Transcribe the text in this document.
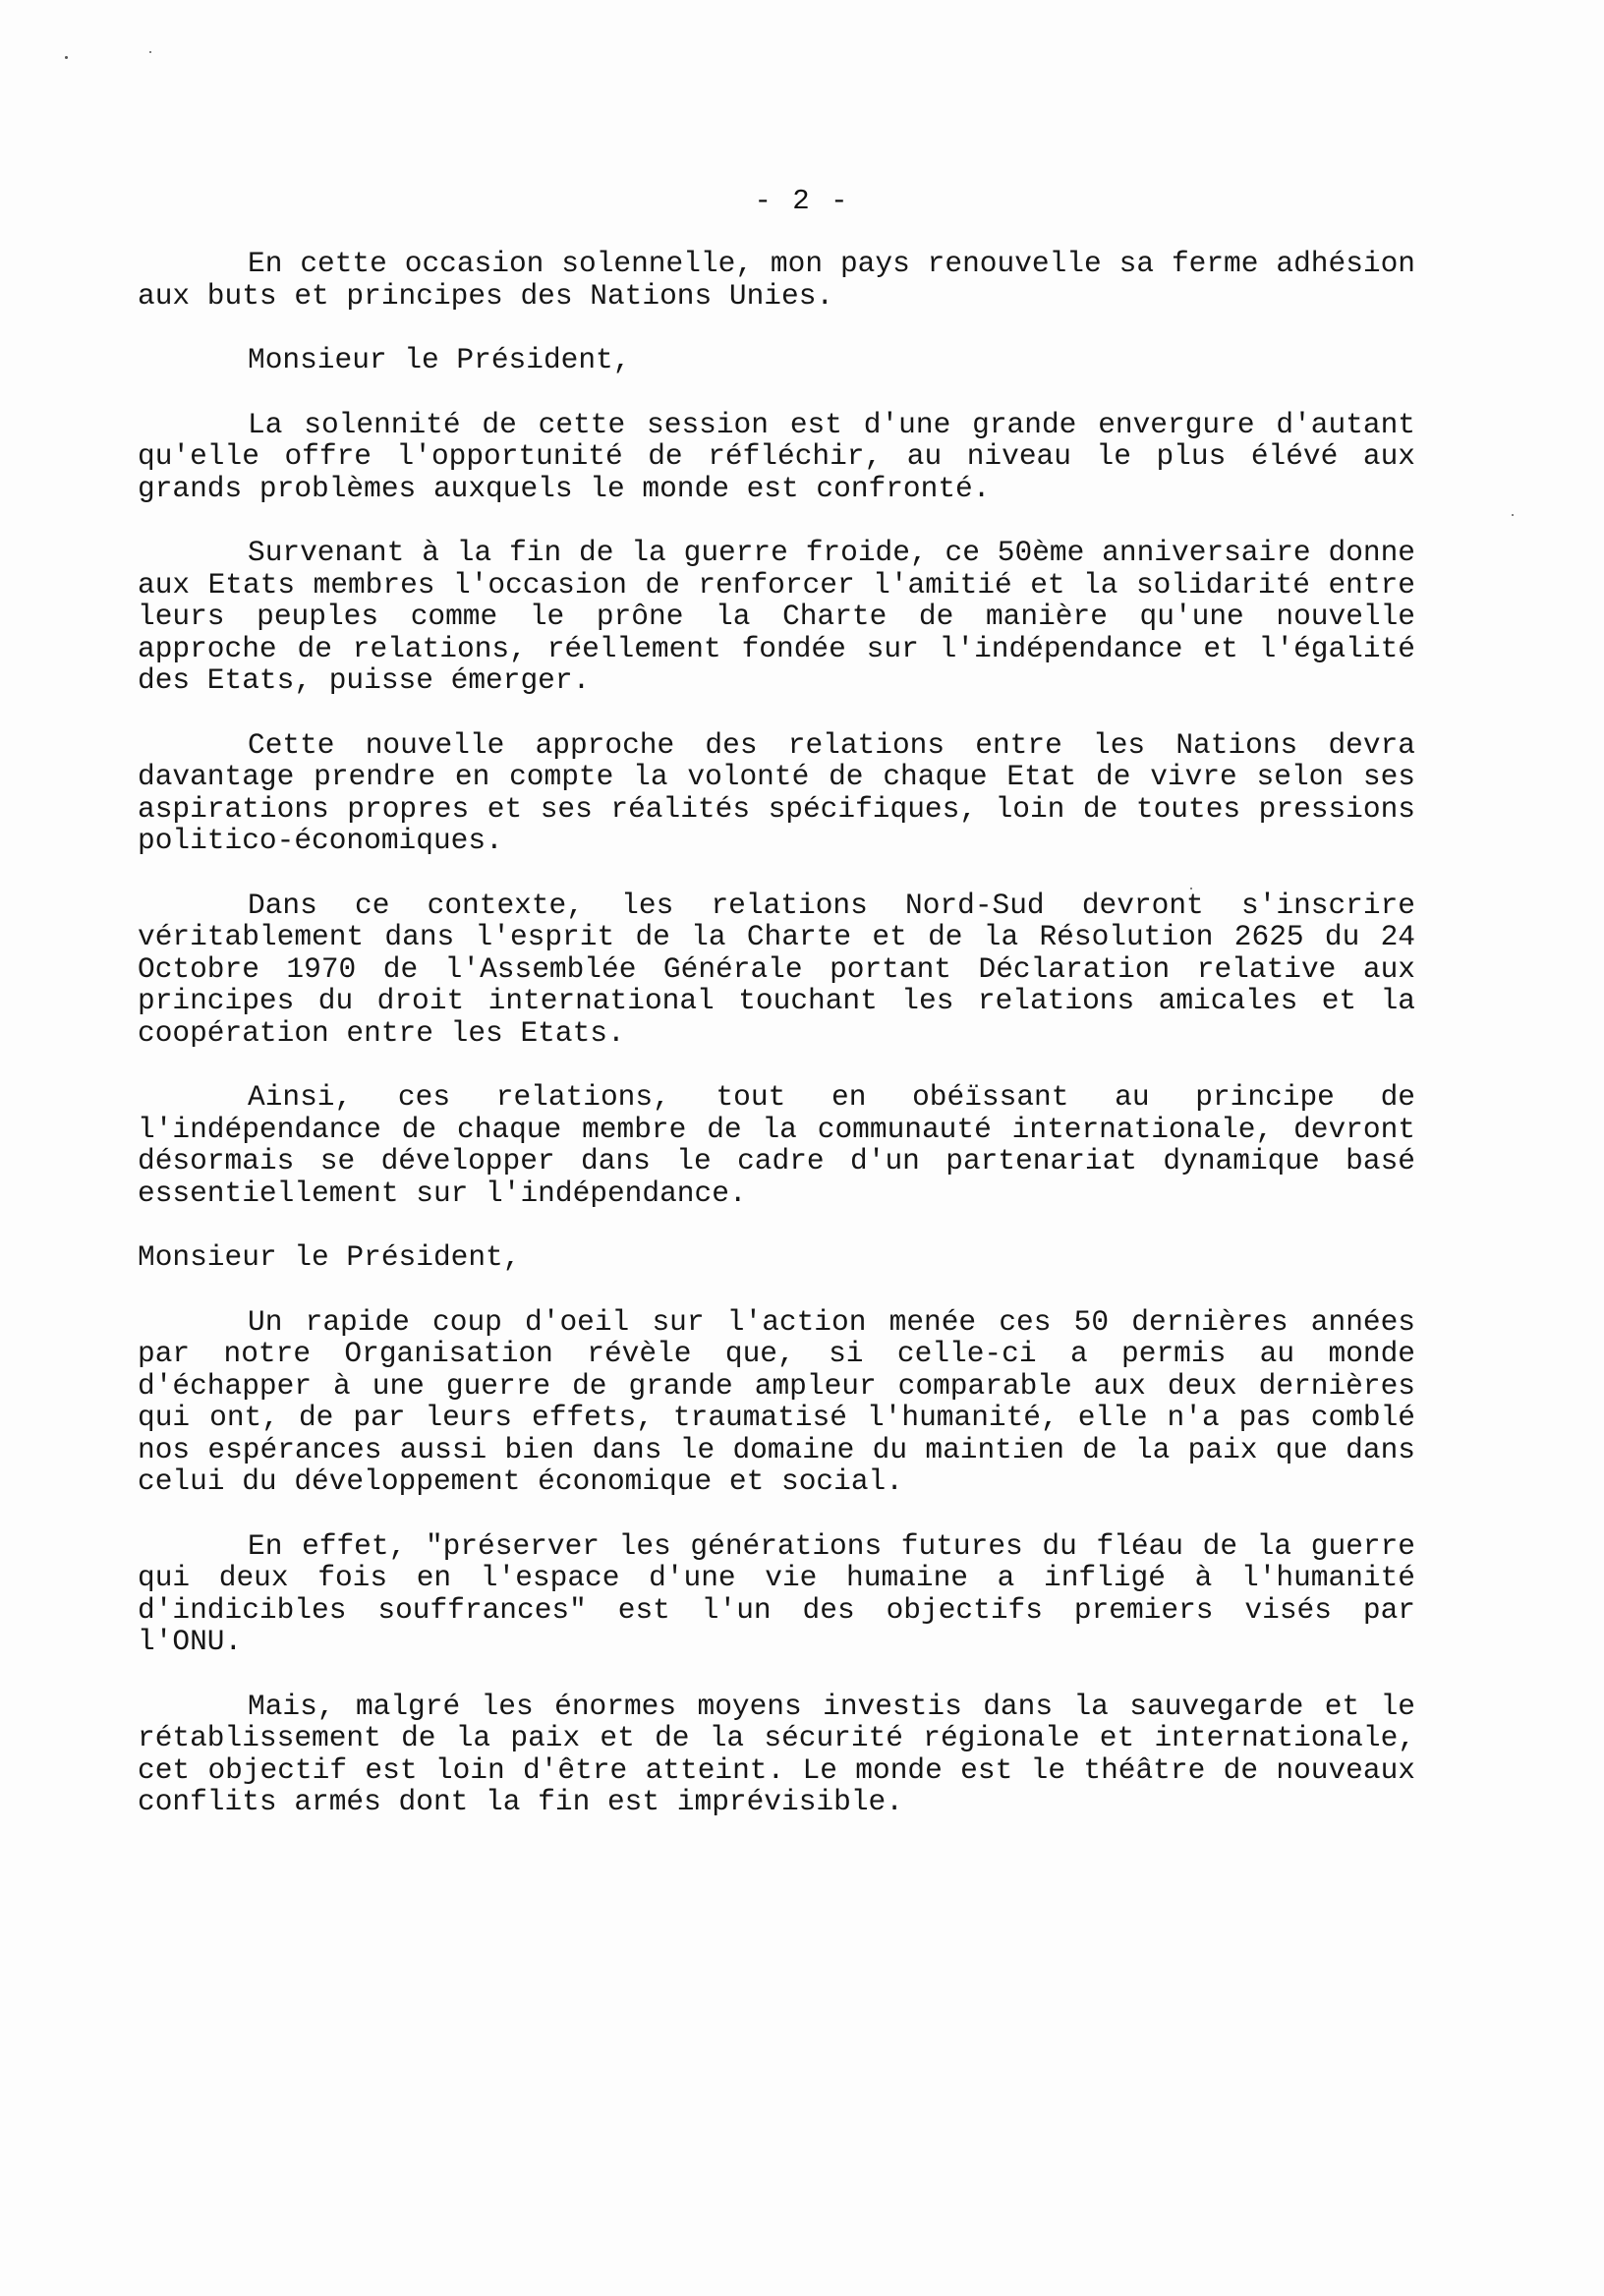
- 2 -

En cette occasion solennelle, mon pays renouvelle sa ferme adhésion aux buts et principes des Nations Unies.

Monsieur le Président,

La solennité de cette session est d'une grande envergure d'autant qu'elle offre l'opportunité de réfléchir, au niveau le plus élévé aux grands problèmes auxquels le monde est confronté.

Survenant à la fin de la guerre froide, ce 50ème anniversaire donne aux Etats membres l'occasion de renforcer l'amitié et la solidarité entre leurs peuples comme le prône la Charte de manière qu'une nouvelle approche de relations, réellement fondée sur l'indépendance et l'égalité des Etats, puisse émerger.

Cette nouvelle approche des relations entre les Nations devra davantage prendre en compte la volonté de chaque Etat de vivre selon ses aspirations propres et ses réalités spécifiques, loin de toutes pressions politico-économiques.

Dans ce contexte, les relations Nord-Sud devront s'inscrire véritablement dans l'esprit de la Charte et de la Résolution 2625 du 24 Octobre 1970 de l'Assemblée Générale portant Déclaration relative aux principes du droit international touchant les relations amicales et la coopération entre les Etats.

Ainsi, ces relations, tout en obéïssant au principe de l'indépendance de chaque membre de la communauté internationale, devront désormais se développer dans le cadre d'un partenariat dynamique basé essentiellement sur l'indépendance.

Monsieur le Président,

Un rapide coup d'oeil sur l'action menée ces 50 dernières années par notre Organisation révèle que, si celle-ci a permis au monde d'échapper à une guerre de grande ampleur comparable aux deux dernières qui ont, de par leurs effets, traumatisé l'humanité, elle n'a pas comblé nos espérances aussi bien dans le domaine du maintien de la paix que dans celui du développement économique et social.

En effet, "préserver les générations futures du fléau de la guerre qui deux fois en l'espace d'une vie humaine a infligé à l'humanité d'indicibles souffrances" est l'un des objectifs premiers visés par l'ONU.

Mais, malgré les énormes moyens investis dans la sauvegarde et le rétablissement de la paix et de la sécurité régionale et internationale, cet objectif est loin d'être atteint. Le monde est le théâtre de nouveaux conflits armés dont la fin est imprévisible.
